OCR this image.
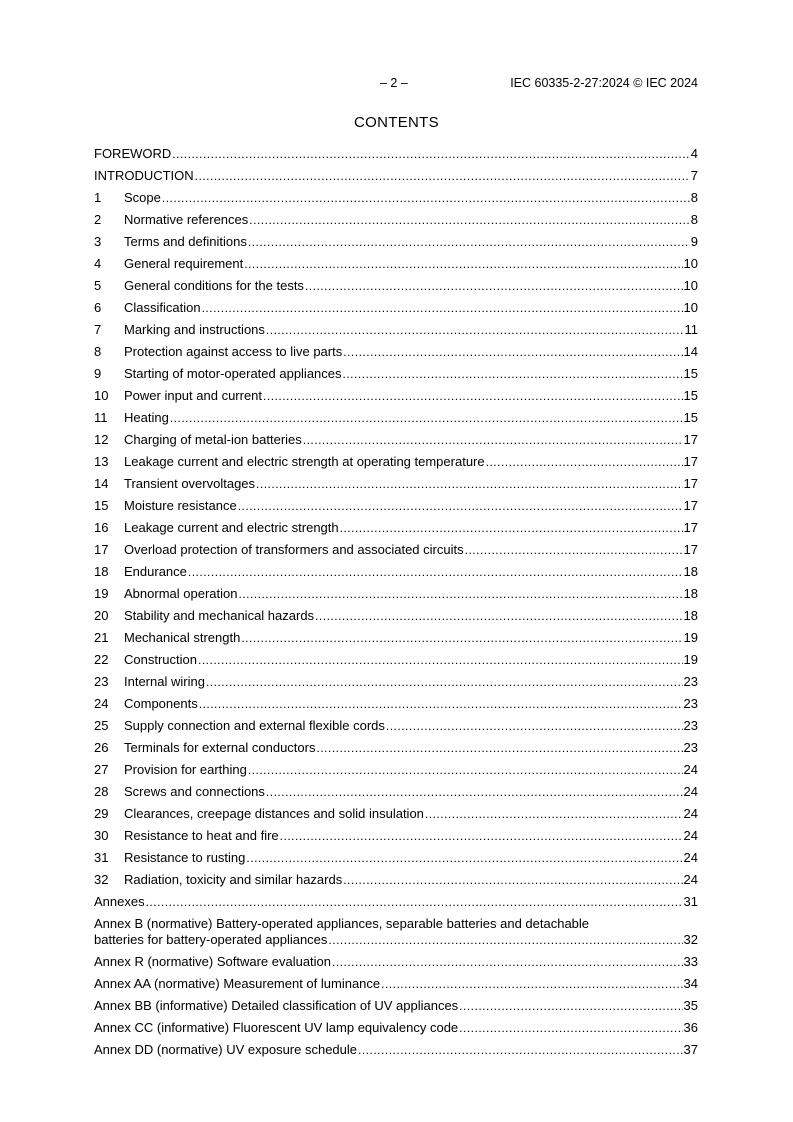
– 2 –	IEC 60335-2-27:2024 © IEC 2024
CONTENTS
FOREWORD .....	4
INTRODUCTION .....	7
1	Scope .....	8
2	Normative references .....	8
3	Terms and definitions .....	9
4	General requirement .....	10
5	General conditions for the tests .....	10
6	Classification .....	10
7	Marking and instructions .....	11
8	Protection against access to live parts .....	14
9	Starting of motor-operated appliances .....	15
10	Power input and current .....	15
11	Heating .....	15
12	Charging of metal-ion batteries .....	17
13	Leakage current and electric strength at operating temperature .....	17
14	Transient overvoltages .....	17
15	Moisture resistance .....	17
16	Leakage current and electric strength .....	17
17	Overload protection of transformers and associated circuits .....	17
18	Endurance .....	18
19	Abnormal operation .....	18
20	Stability and mechanical hazards .....	18
21	Mechanical strength .....	19
22	Construction .....	19
23	Internal wiring .....	23
24	Components .....	23
25	Supply connection and external flexible cords .....	23
26	Terminals for external conductors .....	23
27	Provision for earthing .....	24
28	Screws and connections .....	24
29	Clearances, creepage distances and solid insulation .....	24
30	Resistance to heat and fire .....	24
31	Resistance to rusting .....	24
32	Radiation, toxicity and similar hazards .....	24
Annexes .....	31
Annex B (normative) Battery-operated appliances, separable batteries and detachable
batteries for battery-operated appliances .....	32
Annex R (normative) Software evaluation .....	33
Annex AA (normative) Measurement of luminance .....	34
Annex BB (informative) Detailed classification of UV appliances .....	35
Annex CC (informative) Fluorescent UV lamp equivalency code .....	36
Annex DD (normative) UV exposure schedule .....	37
